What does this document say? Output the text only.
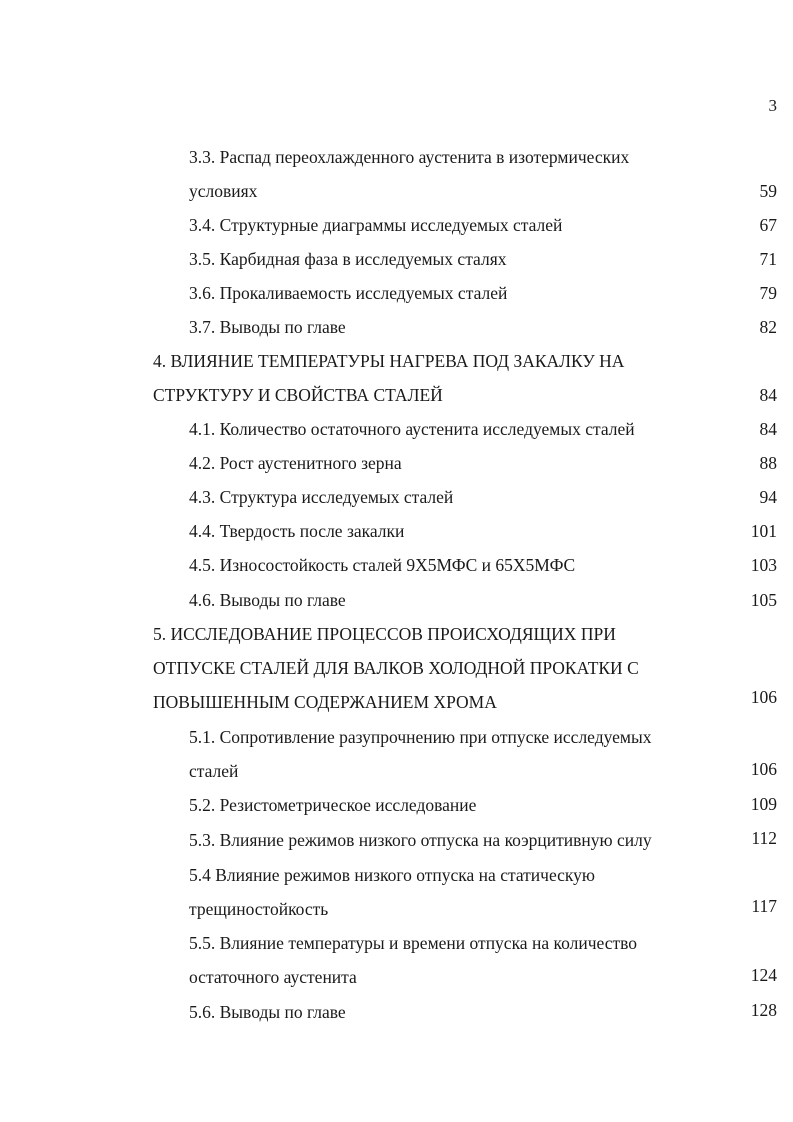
3
3.3. Распад переохлажденного аустенита в изотермических
условиях	59
3.4. Структурные диаграммы исследуемых сталей	67
3.5. Карбидная фаза в исследуемых сталях	71
3.6. Прокаливаемость исследуемых сталей	79
3.7. Выводы по главе	82
4. ВЛИЯНИЕ ТЕМПЕРАТУРЫ НАГРЕВА ПОД ЗАКАЛКУ НА
СТРУКТУРУ И СВОЙСТВА СТАЛЕЙ	84
4.1. Количество остаточного аустенита исследуемых сталей	84
4.2. Рост аустенитного зерна	88
4.3. Структура исследуемых сталей	94
4.4. Твердость после закалки	101
4.5. Износостойкость сталей 9Х5МФС и 65Х5МФС	103
4.6. Выводы по главе	105
5. ИССЛЕДОВАНИЕ ПРОЦЕССОВ ПРОИСХОДЯЩИХ ПРИ
ОТПУСКЕ СТАЛЕЙ ДЛЯ ВАЛКОВ ХОЛОДНОЙ ПРОКАТКИ С
ПОВЫШЕННЫМ СОДЕРЖАНИЕМ ХРОМА	106
5.1. Сопротивление разупрочнению при отпуске исследуемых
сталей	106
5.2. Резистометрическое исследование	109
5.3. Влияние режимов низкого отпуска на коэрцитивную силу	112
5.4 Влияние режимов низкого отпуска на статическую
трещиностойкость	117
5.5. Влияние температуры и времени отпуска на количество
остаточного аустенита	124
5.6. Выводы по главе	128
